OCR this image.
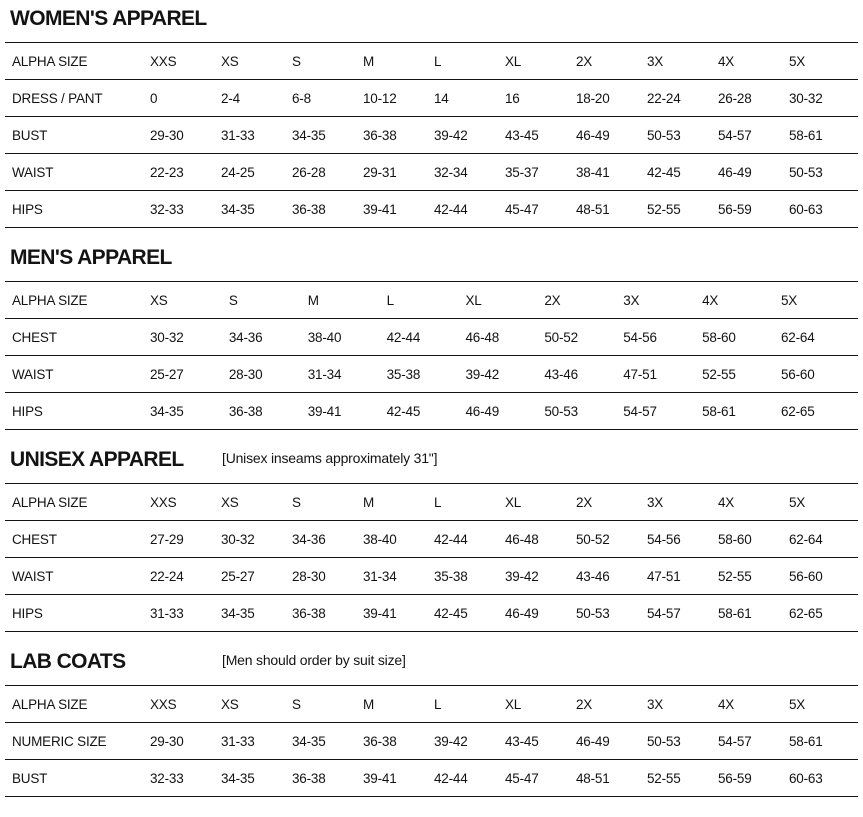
WOMEN'S APPAREL
ALPHA SIZE	XXS	XS	S	M	L	XL	2X	3X	4X	5X
DRESS / PANT	0	2-4	6-8	10-12	14	16	18-20	22-24	26-28	30-32
BUST	29-30	31-33	34-35	36-38	39-42	43-45	46-49	50-53	54-57	58-61
WAIST	22-23	24-25	26-28	29-31	32-34	35-37	38-41	42-45	46-49	50-53
HIPS	32-33	34-35	36-38	39-41	42-44	45-47	48-51	52-55	56-59	60-63
MEN'S APPAREL
ALPHA SIZE	XS	S	M	L	XL	2X	3X	4X	5X
CHEST	30-32	34-36	38-40	42-44	46-48	50-52	54-56	58-60	62-64
WAIST	25-27	28-30	31-34	35-38	39-42	43-46	47-51	52-55	56-60
HIPS	34-35	36-38	39-41	42-45	46-49	50-53	54-57	58-61	62-65
UNISEX APPAREL	[Unisex inseams approximately 31"]
ALPHA SIZE	XXS	XS	S	M	L	XL	2X	3X	4X	5X
CHEST	27-29	30-32	34-36	38-40	42-44	46-48	50-52	54-56	58-60	62-64
WAIST	22-24	25-27	28-30	31-34	35-38	39-42	43-46	47-51	52-55	56-60
HIPS	31-33	34-35	36-38	39-41	42-45	46-49	50-53	54-57	58-61	62-65
LAB COATS	[Men should order by suit size]
ALPHA SIZE	XXS	XS	S	M	L	XL	2X	3X	4X	5X
NUMERIC SIZE	29-30	31-33	34-35	36-38	39-42	43-45	46-49	50-53	54-57	58-61
BUST	32-33	34-35	36-38	39-41	42-44	45-47	48-51	52-55	56-59	60-63
